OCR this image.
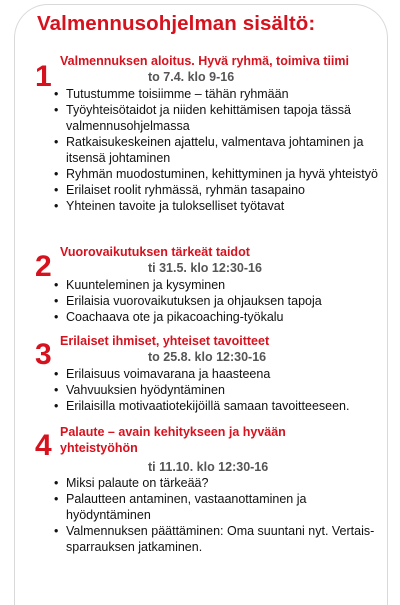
Valmennusohjelman sisältö:
1 Valmennuksen aloitus. Hyvä ryhmä, toimiva tiimi
to 7.4. klo 9-16
• Tutustumme toisiimme – tähän ryhmään
• Työyhteisötaidot ja niiden kehittämisen tapoja tässä valmennusohjelmassa
• Ratkaisukeskeinen ajattelu, valmentava johtaminen ja itsensä johtaminen
• Ryhmän muodostuminen, kehittyminen ja hyvä yhteistyö
• Erilaiset roolit ryhmässä, ryhmän tasapaino
• Yhteinen tavoite ja tulokselliset työtavat
2 Vuorovaikutuksen tärkeät taidot
ti 31.5. klo 12:30-16
• Kuunteleminen ja kysyminen
• Erilaisia vuorovaikutuksen ja ohjauksen tapoja
• Coachaava ote ja pikacoaching-työkalu
3 Erilaiset ihmiset, yhteiset tavoitteet
to 25.8. klo 12:30-16
• Erilaisuus voimavarana ja haasteena
• Vahvuuksien hyödyntäminen
• Erilaisilla motivaatiotekijöillä samaan tavoitteeseen.
4 Palaute – avain kehitykseen ja hyvään yhteistyöhön
ti 11.10. klo 12:30-16
• Miksi palaute on tärkeää?
• Palautteen antaminen, vastaanottaminen ja hyödyntäminen
• Valmennuksen päättäminen: Oma suuntani nyt. Vertais-sparrauksen jatkaminen.
